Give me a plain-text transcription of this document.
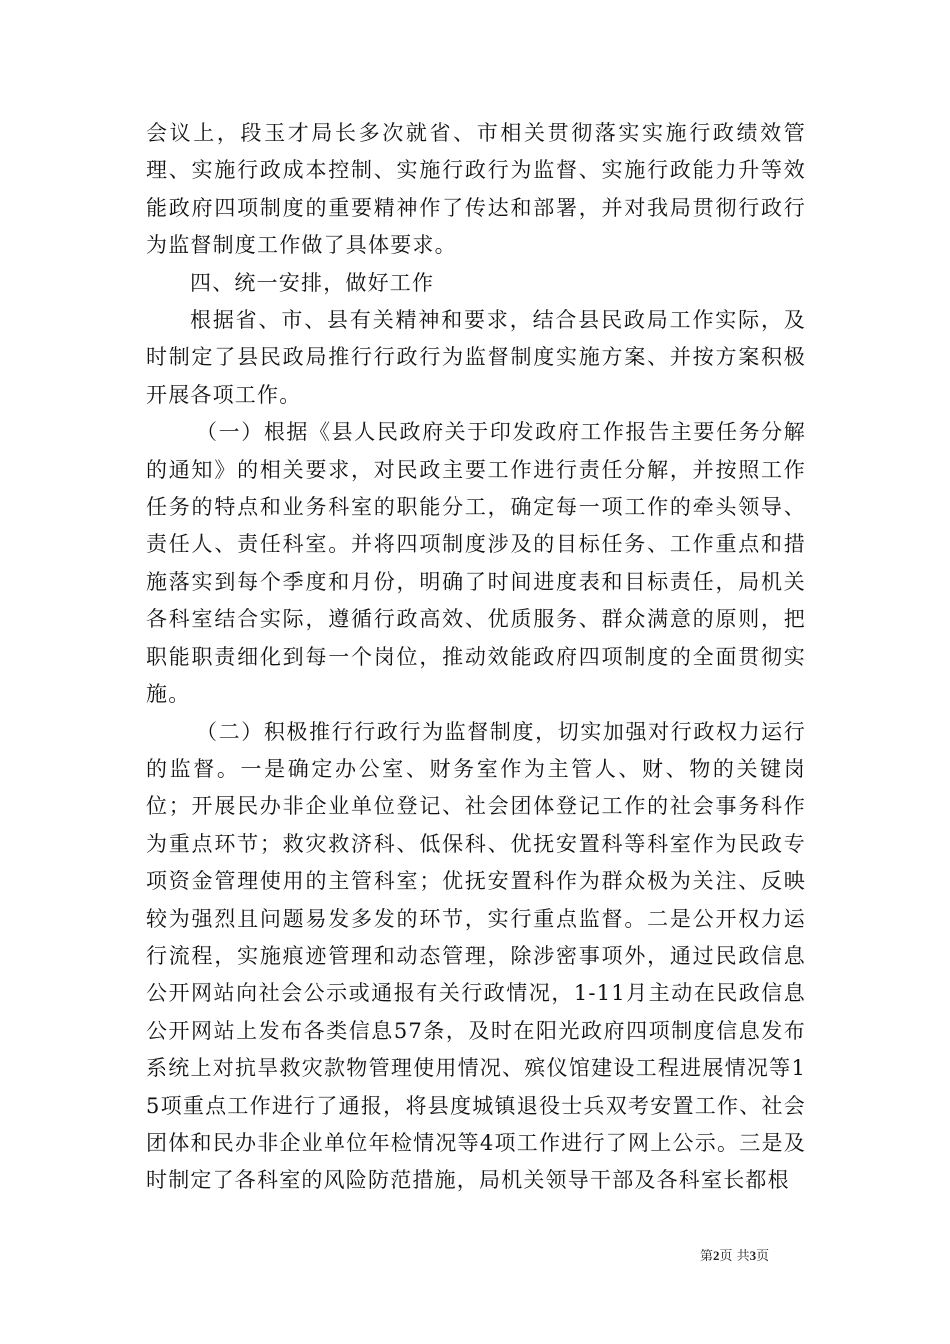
会议上，段玉才局长多次就省、市相关贯彻落实实施行政绩效管理、实施行政成本控制、实施行政行为监督、实施行政能力升等效能政府四项制度的重要精神作了传达和部署，并对我局贯彻行政行为监督制度工作做了具体要求。

四、统一安排，做好工作

根据省、市、县有关精神和要求，结合县民政局工作实际，及时制定了县民政局推行行政行为监督制度实施方案、并按方案积极开展各项工作。

（一）根据《县人民政府关于印发政府工作报告主要任务分解的通知》的相关要求，对民政主要工作进行责任分解，并按照工作任务的特点和业务科室的职能分工，确定每一项工作的牵头领导、责任人、责任科室。并将四项制度涉及的目标任务、工作重点和措施落实到每个季度和月份，明确了时间进度表和目标责任，局机关各科室结合实际，遵循行政高效、优质服务、群众满意的原则，把职能职责细化到每一个岗位，推动效能政府四项制度的全面贯彻实施。

（二）积极推行行政行为监督制度，切实加强对行政权力运行的监督。一是确定办公室、财务室作为主管人、财、物的关键岗位；开展民办非企业单位登记、社会团体登记工作的社会事务科作为重点环节；救灾救济科、低保科、优抚安置科等科室作为民政专项资金管理使用的主管科室；优抚安置科作为群众极为关注、反映较为强烈且问题易发多发的环节，实行重点监督。二是公开权力运行流程，实施痕迹管理和动态管理，除涉密事项外，通过民政信息公开网站向社会公示或通报有关行政情况，1-11月主动在民政信息公开网站上发布各类信息57条，及时在阳光政府四项制度信息发布系统上对抗旱救灾款物管理使用情况、殡仪馆建设工程进展情况等15项重点工作进行了通报，将县度城镇退役士兵双考安置工作、社会团体和民办非企业单位年检情况等4项工作进行了网上公示。三是及时制定了各科室的风险防范措施，局机关领导干部及各科室长都根

第2页 共3页
